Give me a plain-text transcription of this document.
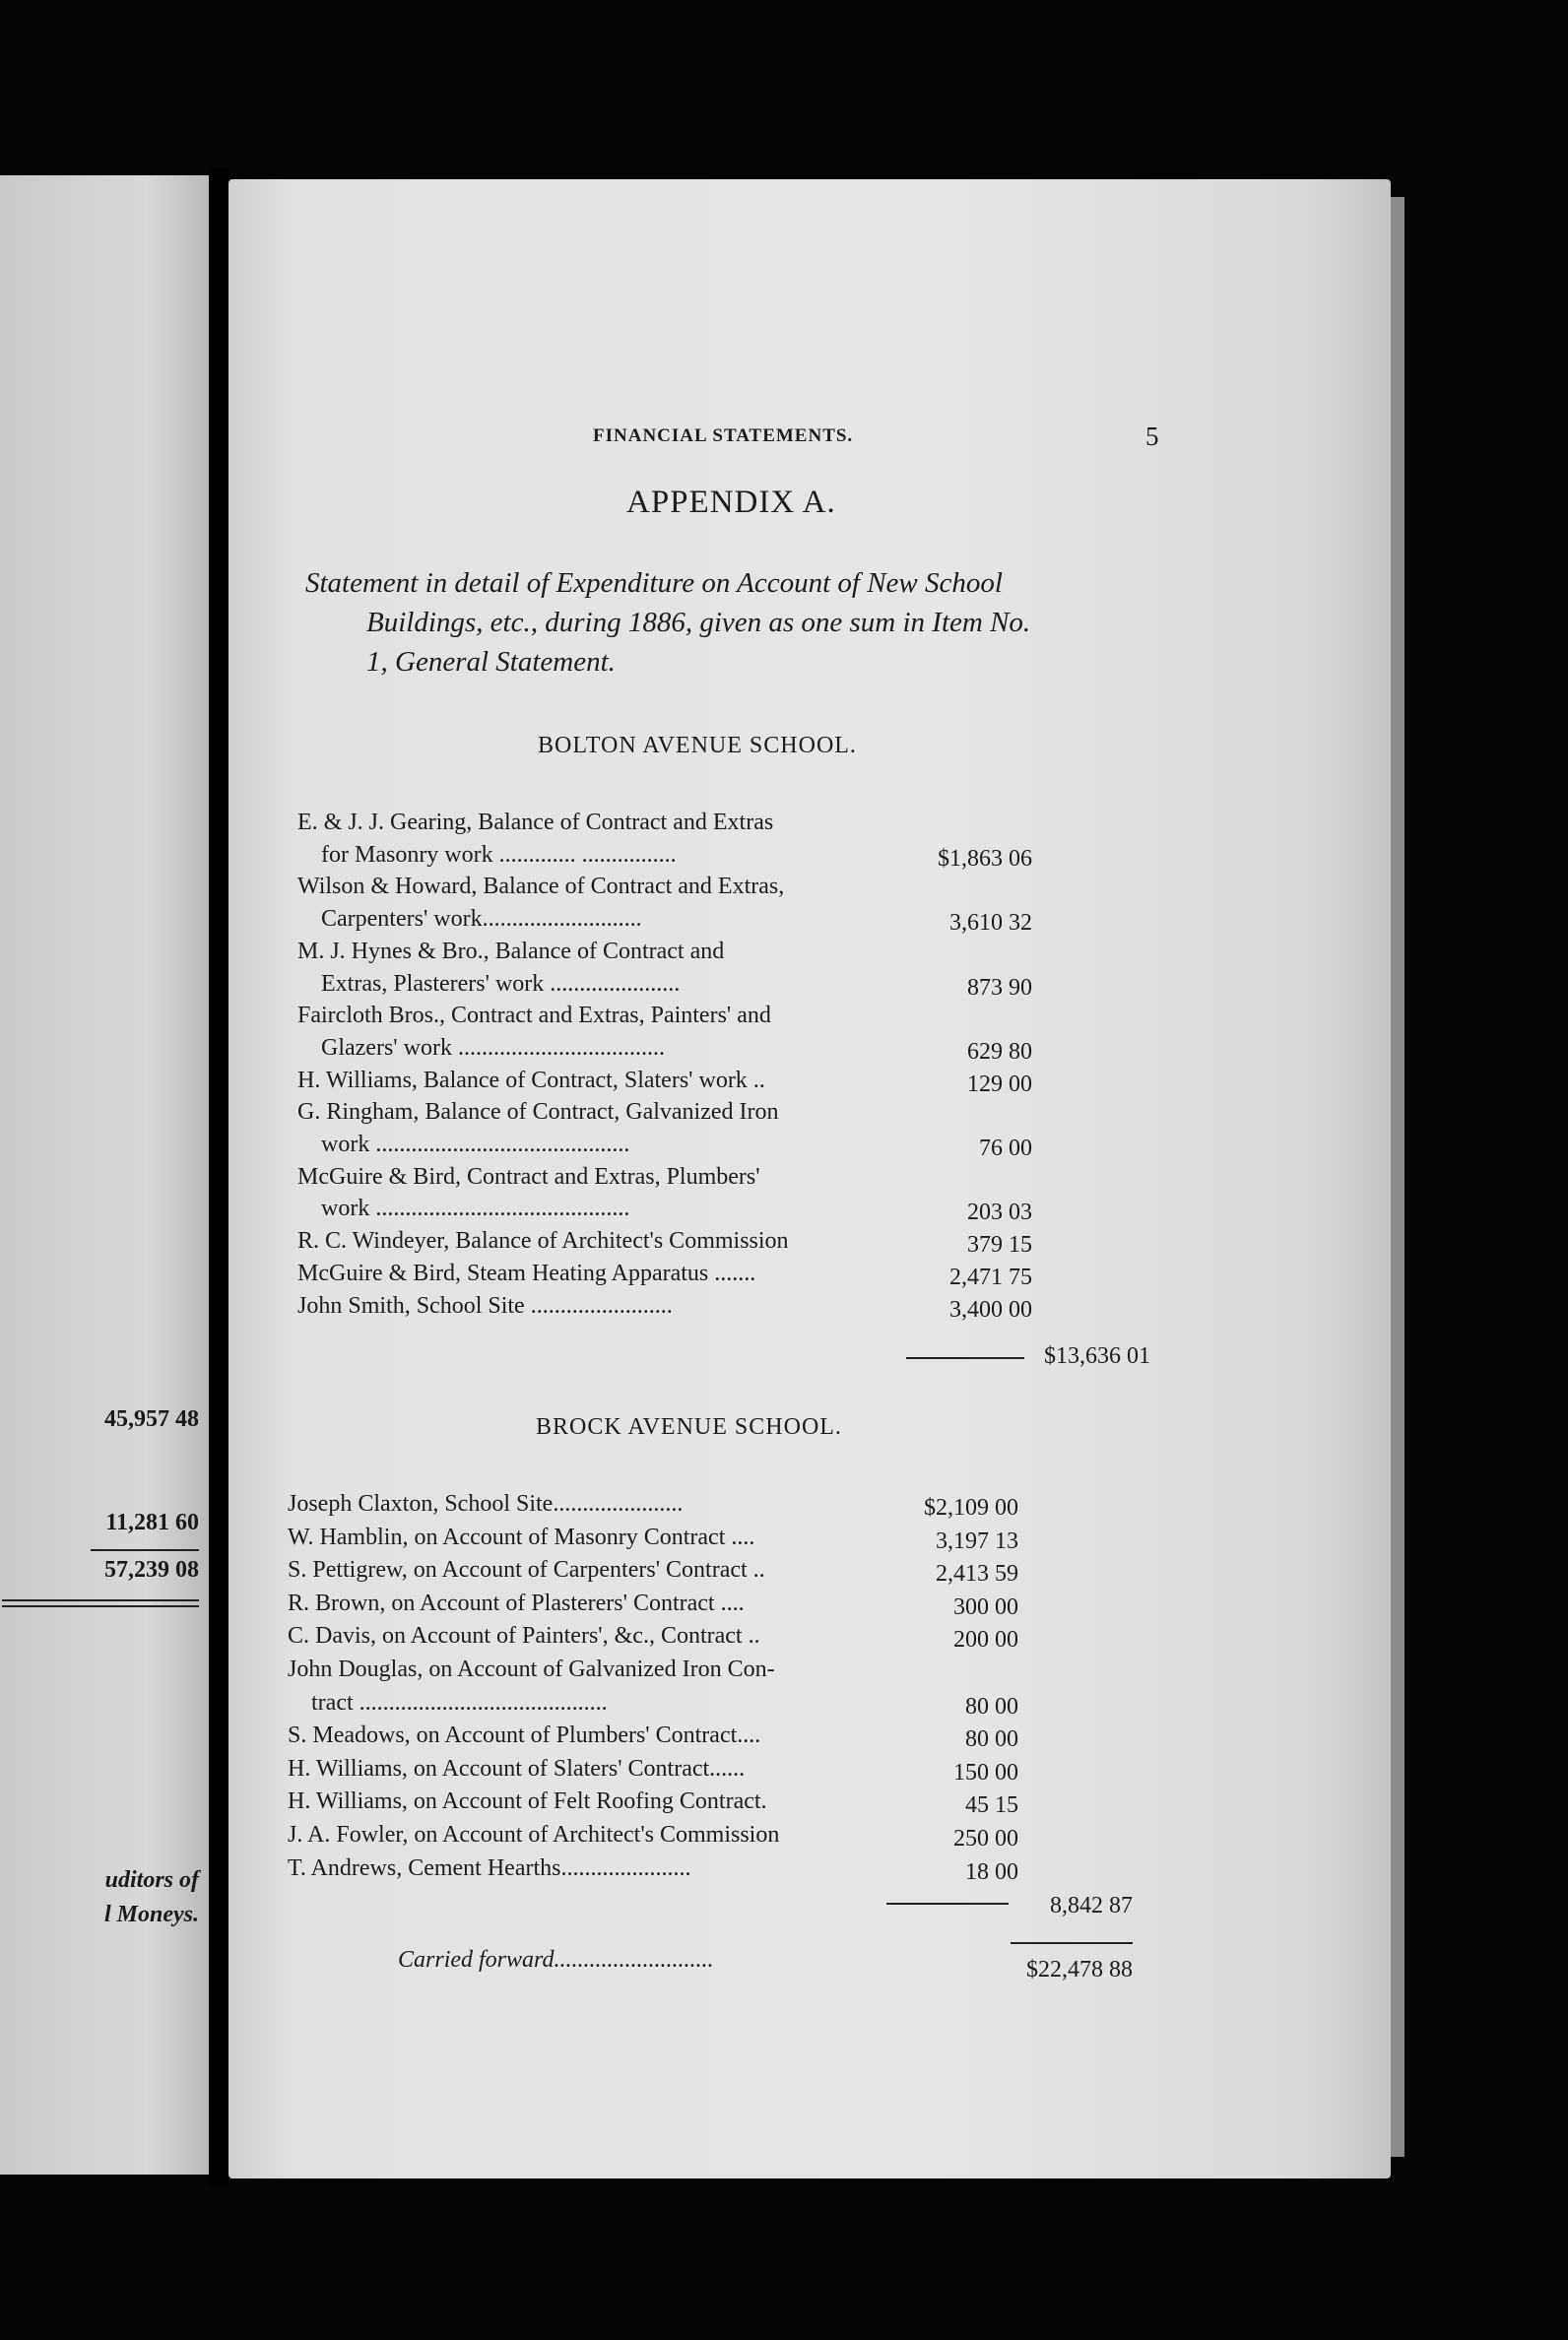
45,957 48
11,281 60
57,239 08
uditors of
l Moneys.
FINANCIAL STATEMENTS.	5
APPENDIX A.
Statement in detail of Expenditure on Account of New School
Buildings, etc., during 1886, given as one sum in Item No.
1, General Statement.
BOLTON AVENUE SCHOOL.
E. & J. J. Gearing, Balance of Contract and Extras
for Masonry work ............. ................	$1,863 06
Wilson & Howard, Balance of Contract and Extras,
Carpenters' work...........................	3,610 32
M. J. Hynes & Bro., Balance of Contract and
Extras, Plasterers' work ......................	873 90
Faircloth Bros., Contract and Extras, Painters' and
Glazers' work ...................................	629 80
H. Williams, Balance of Contract, Slaters' work ..	129 00
G. Ringham, Balance of Contract, Galvanized Iron
work ...........................................	76 00
McGuire & Bird, Contract and Extras, Plumbers'
work ...........................................	203 03
R. C. Windeyer, Balance of Architect's Commission	379 15
McGuire & Bird, Steam Heating Apparatus .......	2,471 75
John Smith, School Site ........................	3,400 00
$13,636 01
BROCK AVENUE SCHOOL.
Joseph Claxton, School Site......................	$2,109 00
W. Hamblin, on Account of Masonry Contract ....	3,197 13
S. Pettigrew, on Account of Carpenters' Contract ..	2,413 59
R. Brown, on Account of Plasterers' Contract ....	300 00
C. Davis, on Account of Painters', &c., Contract ..	200 00
John Douglas, on Account of Galvanized Iron Con-
tract ..........................................	80 00
S. Meadows, on Account of Plumbers' Contract....	80 00
H. Williams, on Account of Slaters' Contract......	150 00
H. Williams, on Account of Felt Roofing Contract.	45 15
J. A. Fowler, on Account of Architect's Commission	250 00
T. Andrews, Cement Hearths......................	18 00
8,842 87
Carried forward...........................	$22,478 88
